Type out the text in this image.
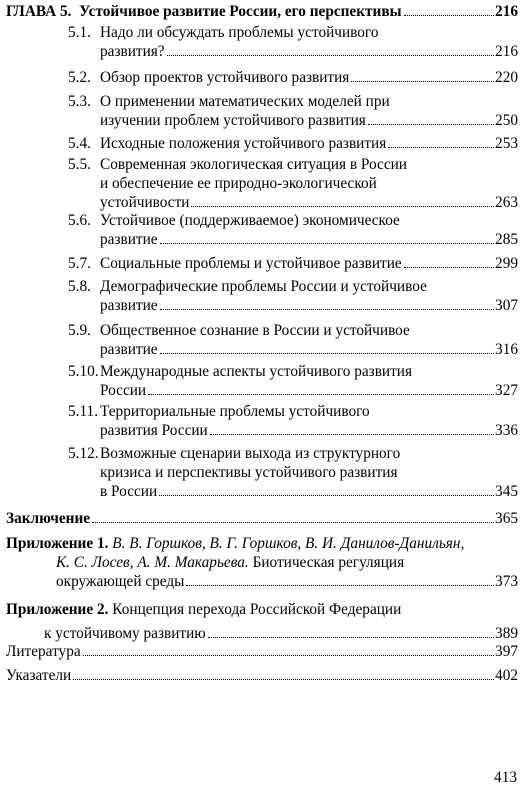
ГЛАВА 5. Устойчивое развитие России, его перспективы	216
5.1. Надо ли обсуждать проблемы устойчивого
развития?	216
5.2. Обзор проектов устойчивого развития	220
5.3. О применении математических моделей при
изучении проблем устойчивого развития	250
5.4. Исходные положения устойчивого развития	253
5.5. Современная экологическая ситуация в России
и обеспечение ее природно-экологической
устойчивости	263
5.6. Устойчивое (поддерживаемое) экономическое
развитие	285
5.7. Социальные проблемы и устойчивое развитие	299
5.8. Демографические проблемы России и устойчивое
развитие	307
5.9. Общественное сознание в России и устойчивое
развитие	316
5.10. Международные аспекты устойчивого развития
России	327
5.11. Территориальные проблемы устойчивого
развития России	336
5.12. Возможные сценарии выхода из структурного
кризиса и перспективы устойчивого развития
в России	345
Заключение	365
Приложение 1. В. В. Горшков, В. Г. Горшков, В. И. Данилов-Данильян,
К. С. Лосев, А. М. Макарьева. Биотическая регуляция
окружающей среды	373
Приложение 2. Концепция перехода Российской Федерации
к устойчивому развитию	389
Литература	397
Указатели	402
413
